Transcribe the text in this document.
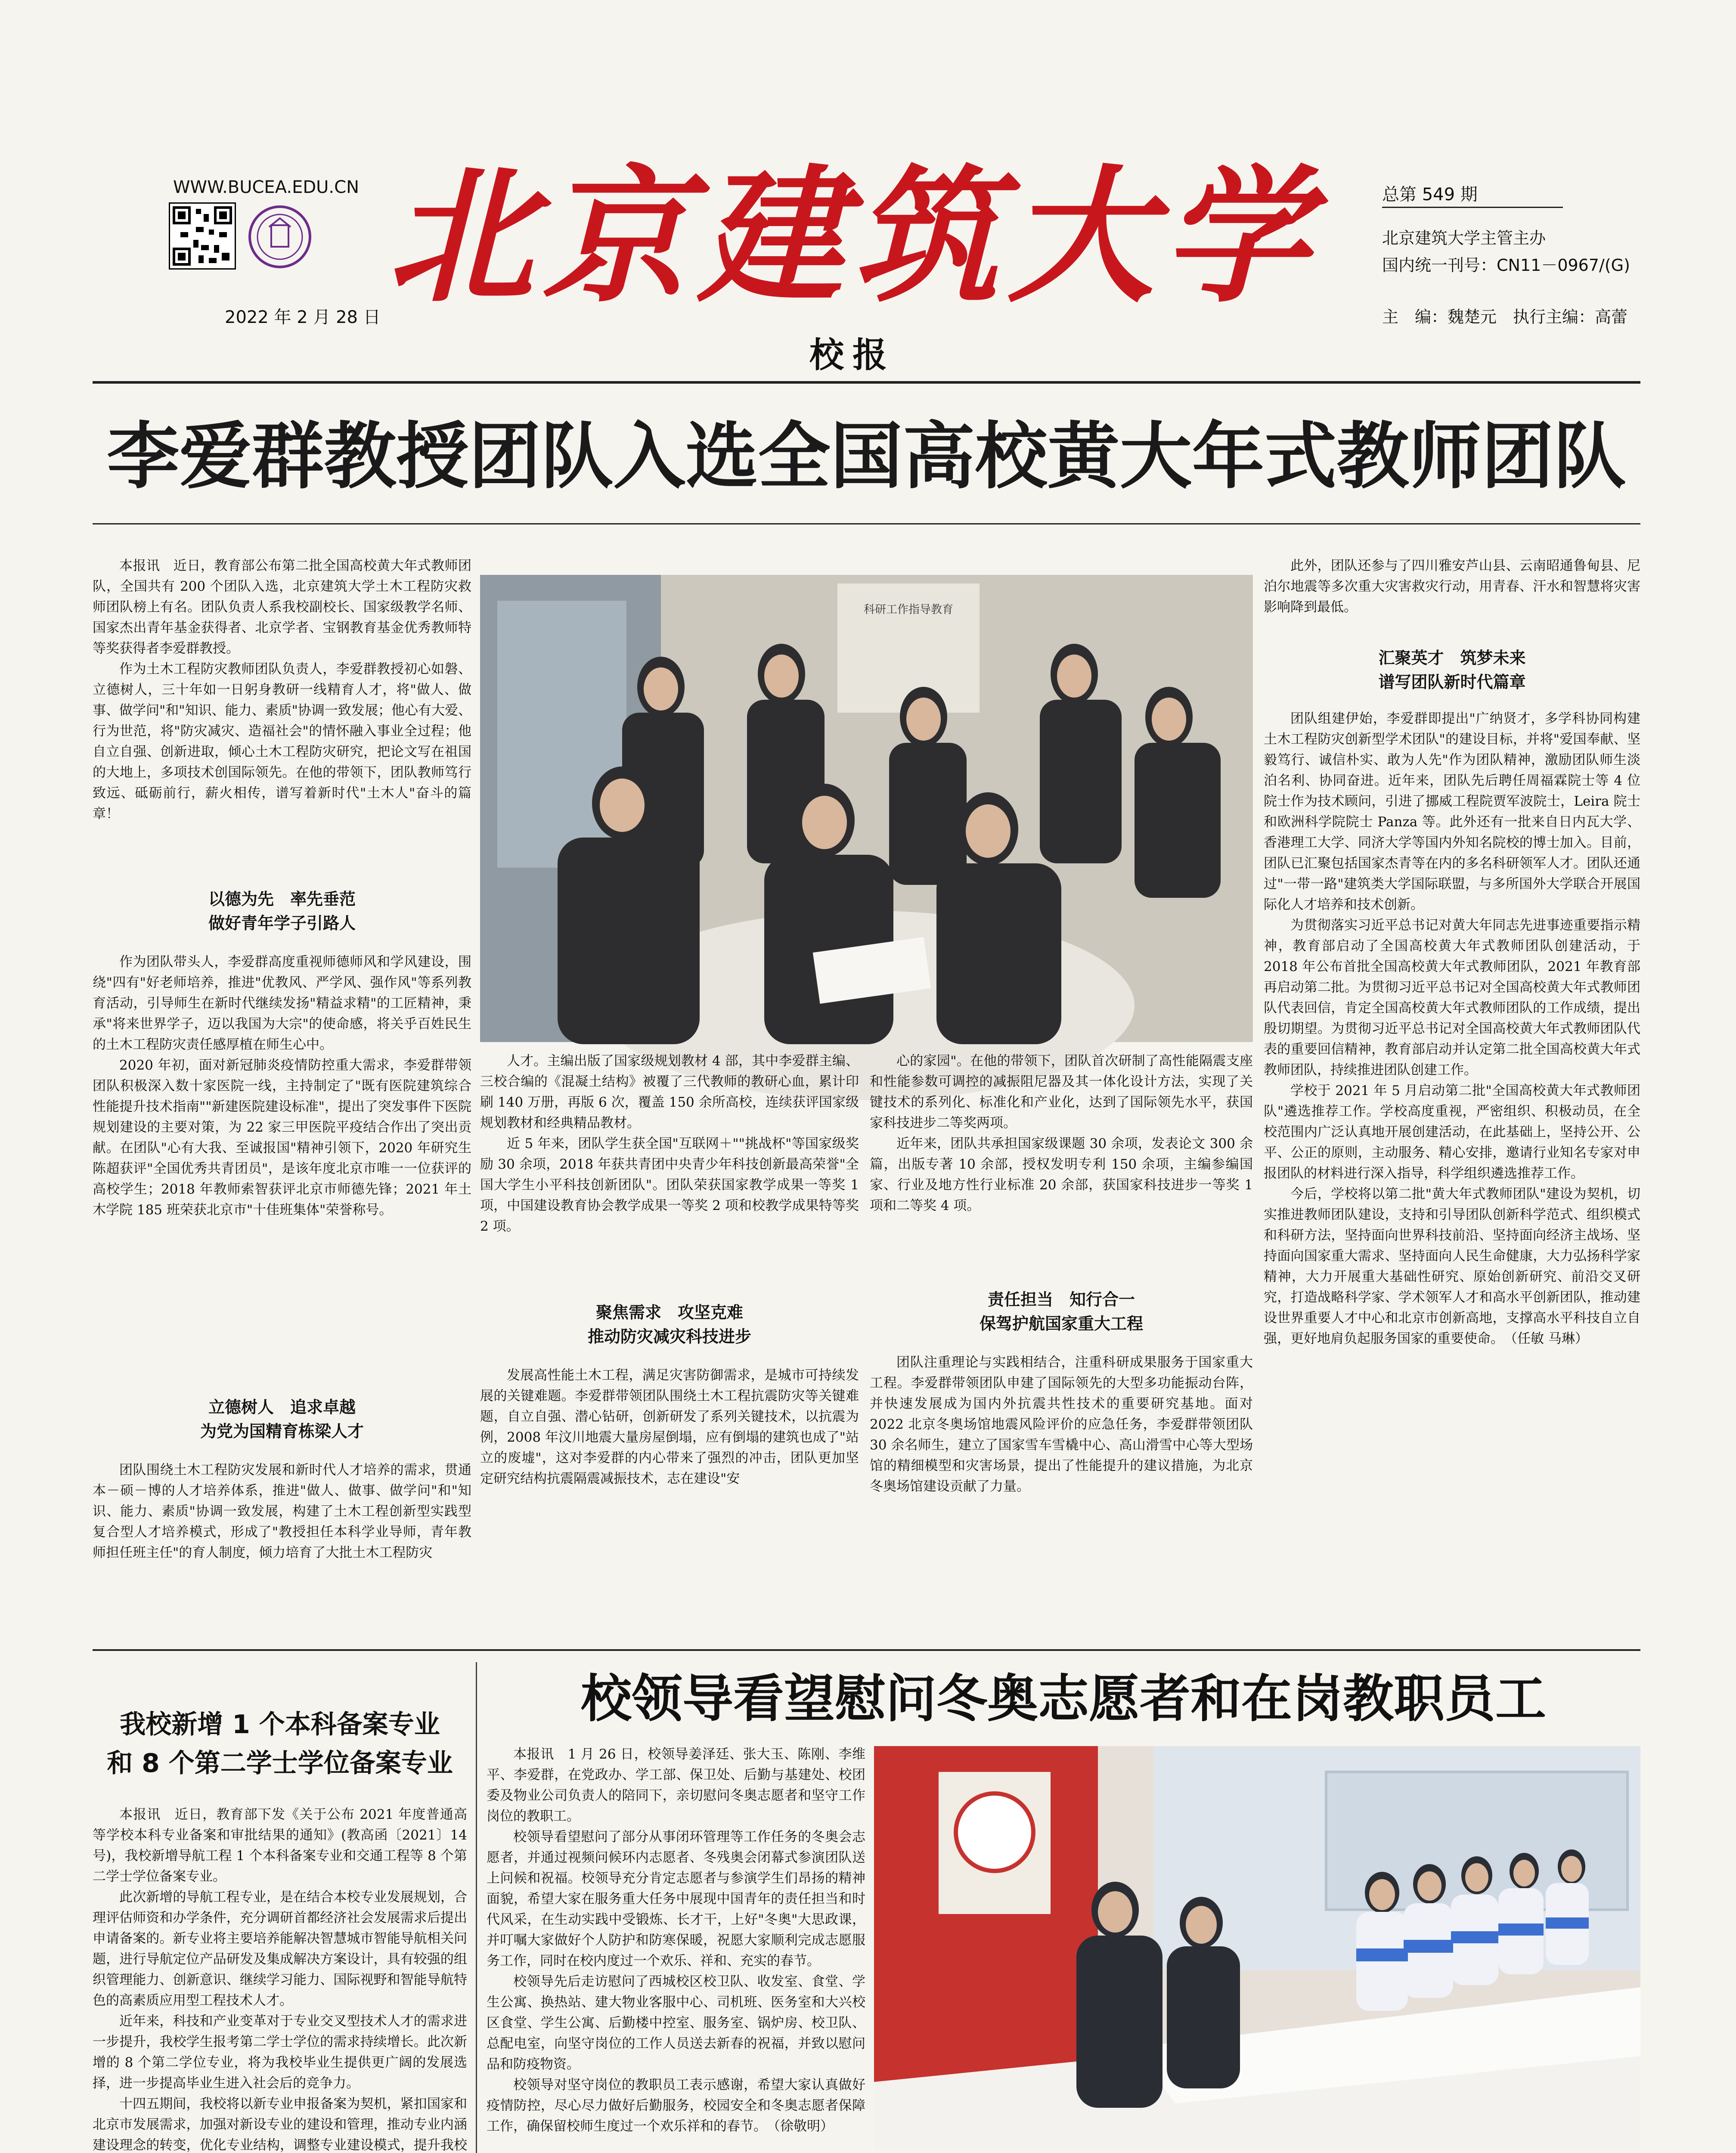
WWW.BUCEA.EDU.CN
2022 年 2 月 28 日 北京建筑大学
校报
总第 549 期
北京建筑大学主管主办
国内统一刊号：CN11－0967/(G)
主　编：魏楚元　执行主编：高蕾
李爱群教授团队入选全国高校黄大年式教师团队

本报讯　近日，教育部公布第二批全国高校黄大年式教师团队，全国共有 200 个团队入选，北京建筑大学土木工程防灾救师团队榜上有名。团队负责人系我校副校长、国家级教学名师、国家杰出青年基金获得者、北京学者、宝钢教育基金优秀教师特等奖获得者李爱群教授。

作为土木工程防灾教师团队负责人，李爱群教授初心如磐、立德树人，三十年如一日躬身教研一线精育人才，将"做人、做事、做学问"和"知识、能力、素质"协调一致发展；他心有大爱、行为世范，将"防灾减灾、造福社会"的情怀融入事业全过程；他自立自强、创新进取，倾心土木工程防灾研究，把论文写在祖国的大地上，多项技术创国际领先。在他的带领下，团队教师笃行致远、砥砺前行，薪火相传，谱写着新时代"土木人"奋斗的篇章！

以德为先　率先垂范
做好青年学子引路人

作为团队带头人，李爱群高度重视师德师风和学风建设，围绕"四有"好老师培养，推进"优教风、严学风、强作风"等系列教育活动，引导师生在新时代继续发扬"精益求精"的工匠精神，秉承"将来世界学子，迈以我国为大宗"的使命感，将关乎百姓民生的土木工程防灾责任感厚植在师生心中。

2020 年初，面对新冠肺炎疫情防控重大需求，李爱群带领团队积极深入数十家医院一线，主持制定了"既有医院建筑综合性能提升技术指南""新建医院建设标准"，提出了突发事件下医院规划建设的主要对策，为 22 家三甲医院平疫结合作出了突出贡献。在团队"心有大我、至诚报国"精神引领下，2020 年研究生陈超获评"全国优秀共青团员"，是该年度北京市唯一一位获评的高校学生；2018 年教师索智获评北京市师德先锋；2021 年土木学院 185 班荣获北京市"十佳班集体"荣誉称号。

立德树人　追求卓越
为党为国精育栋梁人才

团队围绕土木工程防灾发展和新时代人才培养的需求，贯通本－硕－博的人才培养体系，推进"做人、做事、做学问"和"知识、能力、素质"协调一致发展，构建了土木工程创新型实践型复合型人才培养模式，形成了"教授担任本科学业导师，青年教师担任班主任"的育人制度，倾力培育了大批土木工程防灾

科研工作指导教育

人才。主编出版了国家级规划教材 4 部，其中李爱群主编、三校合编的《混凝土结构》被覆了三代教师的教研心血，累计印刷 140 万册，再版 6 次，覆盖 150 余所高校，连续获评国家级规划教材和经典精品教材。

近 5 年来，团队学生获全国"互联网＋""挑战杯"等国家级奖励 30 余项，2018 年获共青团中央青少年科技创新最高荣誉"全国大学生小平科技创新团队"。团队荣获国家教学成果一等奖 1 项，中国建设教育协会教学成果一等奖 2 项和校教学成果特等奖 2 项。

聚焦需求　攻坚克难
推动防灾减灾科技进步

发展高性能土木工程，满足灾害防御需求，是城市可持续发展的关键难题。李爱群带领团队围绕土木工程抗震防灾等关键难题，自立自强、潜心钻研，创新研发了系列关键技术，以抗震为例，2008 年汶川地震大量房屋倒塌，应有倒塌的建筑也成了"站立的废墟"，这对李爱群的内心带来了强烈的冲击，团队更加坚定研究结构抗震隔震减振技术，志在建设"安

心的家园"。在他的带领下，团队首次研制了高性能隔震支座和性能参数可调控的减振阻尼器及其一体化设计方法，实现了关键技术的系列化、标准化和产业化，达到了国际领先水平，获国家科技进步二等奖两项。

近年来，团队共承担国家级课题 30 余项，发表论文 300 余篇，出版专著 10 余部，授权发明专利 150 余项，主编参编国家、行业及地方性行业标准 20 余部，获国家科技进步一等奖 1 项和二等奖 4 项。

责任担当　知行合一
保驾护航国家重大工程

团队注重理论与实践相结合，注重科研成果服务于国家重大工程。李爱群带领团队申建了国际领先的大型多功能振动台阵，并快速发展成为国内外抗震共性技术的重要研究基地。面对 2022 北京冬奥场馆地震风险评价的应急任务，李爱群带领团队 30 余名师生，建立了国家雪车雪橇中心、高山滑雪中心等大型场馆的精细模型和灾害场景，提出了性能提升的建议措施，为北京冬奥场馆建设贡献了力量。

此外，团队还参与了四川雅安芦山县、云南昭通鲁甸县、尼泊尔地震等多次重大灾害救灾行动，用青春、汗水和智慧将灾害影响降到最低。

汇聚英才　筑梦未来
谱写团队新时代篇章

团队组建伊始，李爱群即提出"广纳贤才，多学科协同构建土木工程防灾创新型学术团队"的建设目标，并将"爱国奉献、坚毅笃行、诚信朴实、敢为人先"作为团队精神，激励团队师生淡泊名利、协同奋进。近年来，团队先后聘任周福霖院士等 4 位院士作为技术顾问，引进了挪威工程院贾军波院士，Leira 院士和欧洲科学院院士 Panza 等。此外还有一批来自日内瓦大学、香港理工大学、同济大学等国内外知名院校的博士加入。目前，团队已汇聚包括国家杰青等在内的多名科研领军人才。团队还通过"一带一路"建筑类大学国际联盟，与多所国外大学联合开展国际化人才培养和技术创新。

为贯彻落实习近平总书记对黄大年同志先进事迹重要指示精神，教育部启动了全国高校黄大年式教师团队创建活动，于 2018 年公布首批全国高校黄大年式教师团队，2021 年教育部再启动第二批。为贯彻习近平总书记对全国高校黄大年式教师团队代表回信，肯定全国高校黄大年式教师团队的工作成绩，提出殷切期望。为贯彻习近平总书记对全国高校黄大年式教师团队代表的重要回信精神，教育部启动并认定第二批全国高校黄大年式教师团队，持续推进团队创建工作。

学校于 2021 年 5 月启动第二批"全国高校黄大年式教师团队"遴选推荐工作。学校高度重视，严密组织、积极动员，在全校范围内广泛认真地开展创建活动，在此基础上，坚持公开、公平、公正的原则，主动服务、精心安排，邀请行业知名专家对申报团队的材料进行深入指导，科学组织遴选推荐工作。

今后，学校将以第二批"黄大年式教师团队"建设为契机，切实推进教师团队建设，支持和引导团队创新科学范式、组织模式和科研方法，坚持面向世界科技前沿、坚持面向经济主战场、坚持面向国家重大需求、坚持面向人民生命健康，大力弘扬科学家精神，大力开展重大基础性研究、原始创新研究、前沿交叉研究，打造战略科学家、学术领军人才和高水平创新团队，推动建设世界重要人才中心和北京市创新高地，支撑高水平科技自立自强，更好地肩负起服务国家的重要使命。　（任敏 马琳）

我校新增 1 个本科备案专业
和 8 个第二学士学位备案专业

本报讯　近日，教育部下发《关于公布 2021 年度普通高等学校本科专业备案和审批结果的通知》(教高函〔2021〕14 号)，我校新增导航工程 1 个本科备案专业和交通工程等 8 个第二学士学位备案专业。

此次新增的导航工程专业，是在结合本校专业发展规划，合理评估师资和办学条件，充分调研首都经济社会发展需求后提出申请备案的。新专业将主要培养能解决智慧城市智能导航相关问题，进行导航定位产品研发及集成解决方案设计，具有较强的组织管理能力、创新意识、继续学习能力、国际视野和智能导航特色的高素质应用型工程技术人才。

近年来，科技和产业变革对于专业交叉型技术人才的需求进一步提升，我校学生报考第二学士学位的需求持续增长。此次新增的 8 个第二学位专业，将为我校毕业生提供更广阔的发展选择，进一步提高毕业生进入社会后的竞争力。

十四五期间，我校将以新专业申报备案为契机，紧扣国家和北京市发展需求，加强对新设专业的建设和管理，推动专业内涵建设理念的转变，优化专业结构，调整专业建设模式，提升我校　

校领导看望慰问冬奥志愿者和在岗教职员工

本报讯　1 月 26 日，校领导姜泽廷、张大玉、陈刚、李维平、李爱群，在党政办、学工部、保卫处、后勤与基建处、校团委及物业公司负责人的陪同下，亲切慰问冬奥志愿者和坚守工作岗位的教职工。

校领导看望慰问了部分从事闭环管理等工作任务的冬奥会志愿者，并通过视频问候环内志愿者、冬残奥会闭幕式参演团队送上问候和祝福。校领导充分肯定志愿者与参演学生们昂扬的精神面貌，希望大家在服务重大任务中展现中国青年的责任担当和时代风采，在生动实践中受锻炼、长才干，上好"冬奥"大思政课，并叮嘱大家做好个人防护和防寒保暖，祝愿大家顺利完成志愿服务工作，同时在校内度过一个欢乐、祥和、充实的春节。

校领导先后走访慰问了西城校区校卫队、收发室、食堂、学生公寓、换热站、建大物业客服中心、司机班、医务室和大兴校区食堂、学生公寓、后勤楼中控室、服务室、锅炉房、校卫队、总配电室，向坚守岗位的工作人员送去新春的祝福，并致以慰问品和防疫物资。

校领导对坚守岗位的教职员工表示感谢，希望大家认真做好疫情防控，尽心尽力做好后勤服务，校园安全和冬奥志愿者保障工作，确保留校师生度过一个欢乐祥和的春节。　（徐敬明）
